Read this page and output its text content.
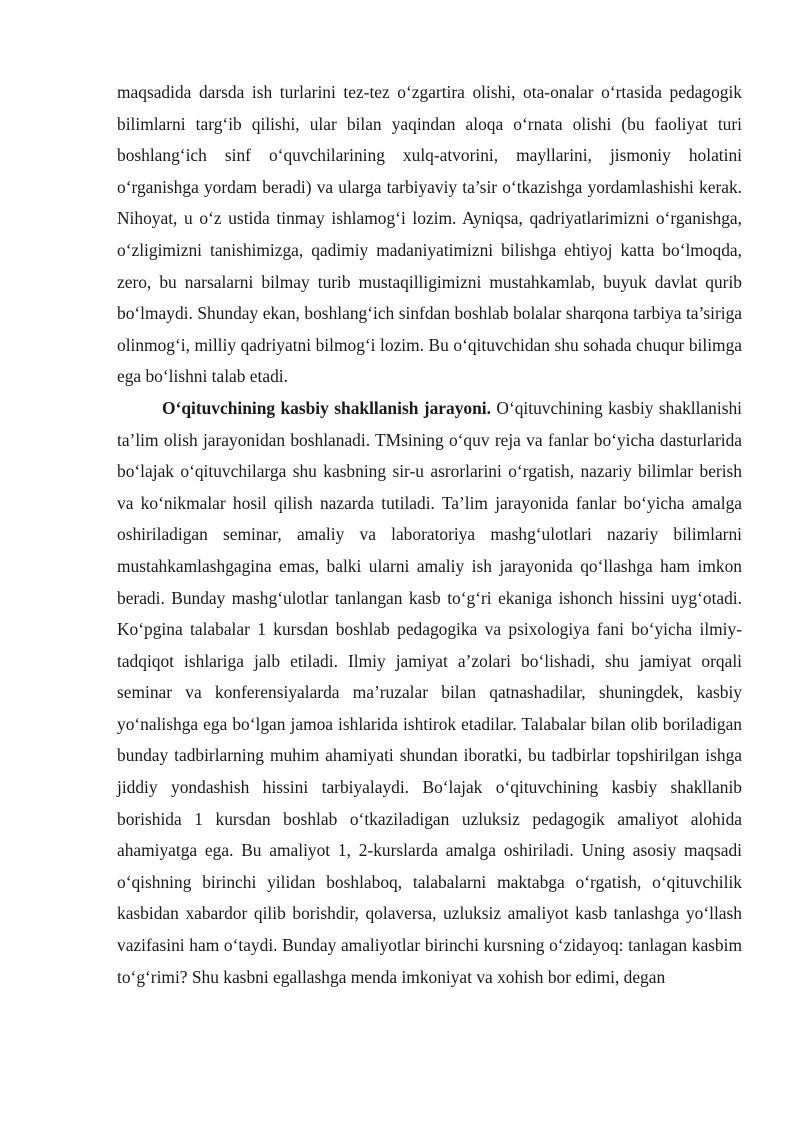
maqsadida darsda ish turlarini tez-tez o‘zgartira olishi, ota-onalar o‘rtasida pedagogik bilimlarni targ‘ib qilishi, ular bilan yaqindan aloqa o‘rnata olishi (bu faoliyat turi boshlang‘ich sinf o‘quvchilarining xulq-atvorini, mayllarini, jismoniy holatini o‘rganishga yordam beradi) va ularga tarbiyaviy ta’sir o‘tkazishga yordamlashishi kerak. Nihoyat, u o‘z ustida tinmay ishlamog‘i lozim. Ayniqsa, qadriyatlarimizni o‘rganishga, o‘zligimizni tanishimizga, qadimiy madaniyatimizni bilishga ehtiyoj katta bo‘lmoqda, zero, bu narsalarni bilmay turib mustaqilligimizni mustahkamlab, buyuk davlat qurib bo‘lmaydi. Shunday ekan, boshlang‘ich sinfdan boshlab bolalar sharqona tarbiya ta’siriga olinmog‘i, milliy qadriyatni bilmog‘i lozim. Bu o‘qituvchidan shu sohada chuqur bilimga ega bo‘lishni talab etadi.

O‘qituvchining kasbiy shakllanish jarayoni. O‘qituvchining kasbiy shakllanishi ta’lim olish jarayonidan boshlanadi. TMsining o‘quv reja va fanlar bo‘yicha dasturlarida bo‘lajak o‘qituvchilarga shu kasbning sir-u asrorlarini o‘rgatish, nazariy bilimlar berish va ko‘nikmalar hosil qilish nazarda tutiladi. Ta’lim jarayonida fanlar bo‘yicha amalga oshiriladigan seminar, amaliy va laboratoriya mashg‘ulotlari nazariy bilimlarni mustahkamlashgagina emas, balki ularni amaliy ish jarayonida qo‘llashga ham imkon beradi. Bunday mashg‘ulotlar tanlangan kasb to‘g‘ri ekaniga ishonch hissini uyg‘otadi. Ko‘pgina talabalar 1 kursdan boshlab pedagogika va psixologiya fani bo‘yicha ilmiy-tadqiqot ishlariga jalb etiladi. Ilmiy jamiyat a’zolari bo‘lishadi, shu jamiyat orqali seminar va konferensiyalarda ma’ruzalar bilan qatnashadilar, shuningdek, kasbiy yo‘nalishga ega bo‘lgan jamoa ishlarida ishtirok etadilar. Talabalar bilan olib boriladigan bunday tadbirlarning muhim ahamiyati shundan iboratki, bu tadbirlar topshirilgan ishga jiddiy yondashish hissini tarbiyalaydi. Bo‘lajak o‘qituvchining kasbiy shakllanib borishida 1 kursdan boshlab o‘tkaziladigan uzluksiz pedagogik amaliyot alohida ahamiyatga ega. Bu amaliyot 1, 2-kurslarda amalga oshiriladi. Uning asosiy maqsadi o‘qishning birinchi yilidan boshlaboq, talabalarni maktabga o‘rgatish, o‘qituvchilik kasbidan xabardor qilib borishdir, qolaversa, uzluksiz amaliyot kasb tanlashga yo‘llash vazifasini ham o‘taydi. Bunday amaliyotlar birinchi kursning o‘zidayoq: tanlagan kasbim to‘g‘rimi? Shu kasbni egallashga menda imkoniyat va xohish bor edimi, degan
